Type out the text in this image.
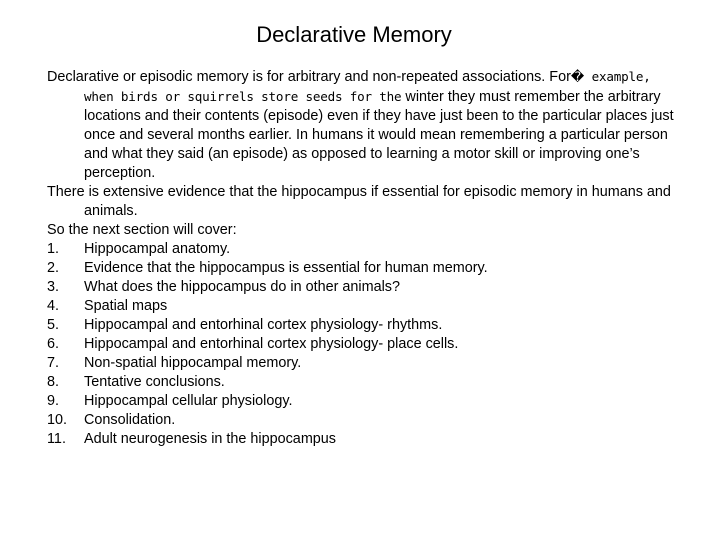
Declarative Memory

Declarative or episodic memory is for arbitrary and non-repeated associations. For� example, when birds or squirrels store seeds for the winter they must remember the arbitrary locations and their contents (episode) even if they have just been to the particular places just once and several months earlier. In humans it would mean remembering a particular person and what they said (an episode) as opposed to learning a motor skill or improving one’s perception.

There is extensive evidence that the hippocampus if essential for episodic memory in humans and animals.

So the next section will cover:

1.	Hippocampal anatomy.
2.	Evidence that the hippocampus is essential for human memory.
3.	What does the hippocampus do in other animals?
4.	Spatial maps
5.	Hippocampal and entorhinal cortex physiology- rhythms.
6.	Hippocampal and entorhinal cortex physiology- place cells.
7.	Non-spatial hippocampal memory.
8.	Tentative conclusions.
9.	Hippocampal cellular physiology.
10.	Consolidation.
11.	Adult neurogenesis in the hippocampus
